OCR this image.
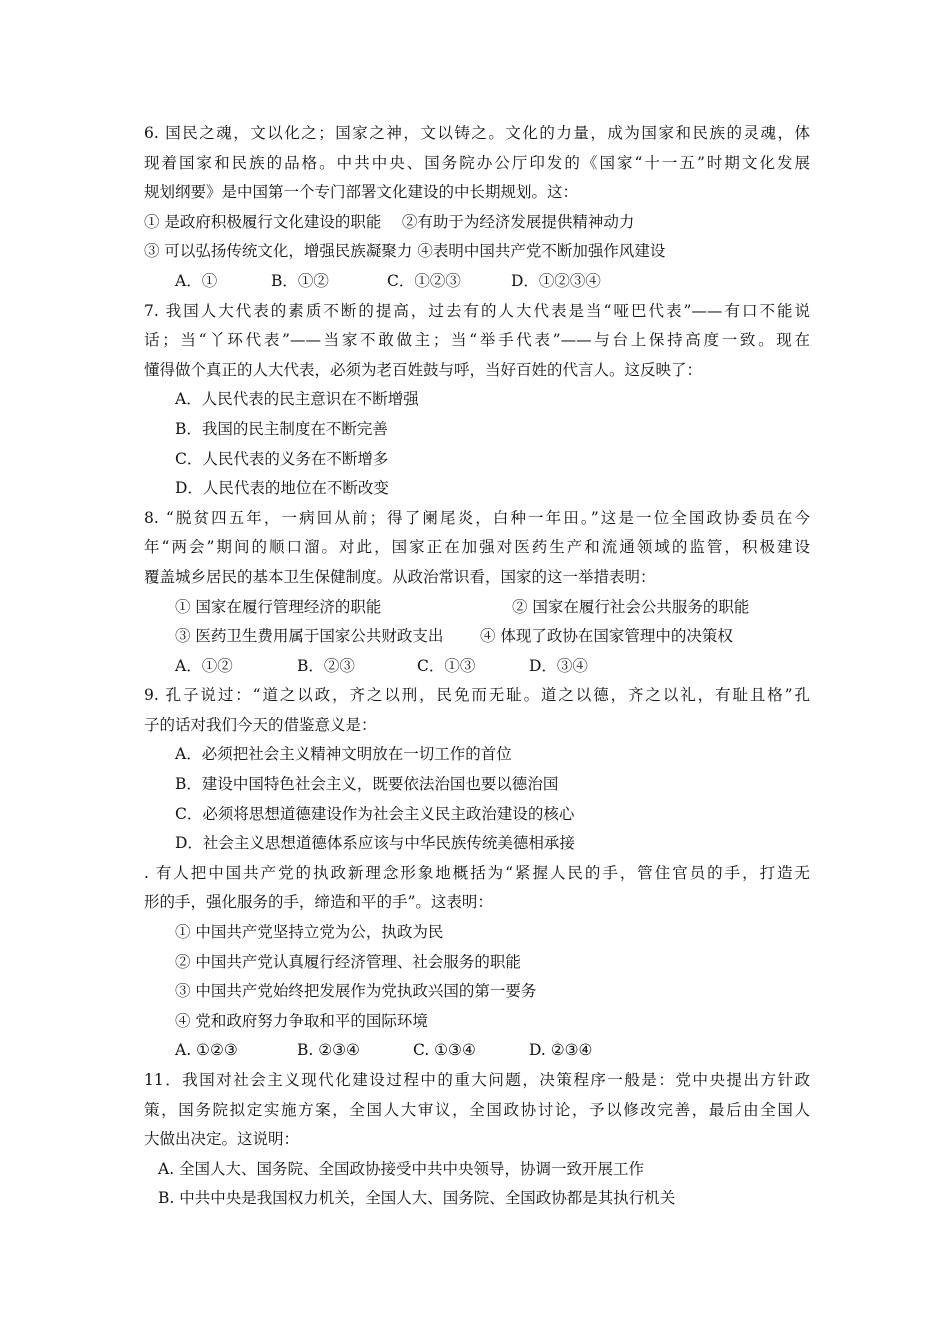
6. 国民之魂，文以化之；国家之神，文以铸之。文化的力量，成为国家和民族的灵魂，体
现着国家和民族的品格。中共中央、国务院办公厅印发的《国家“十一五”时期文化发展
规划纲要》是中国第一个专门部署文化建设的中长期规划。这：
① 是政府积极履行文化建设的职能　 ②有助于为经济发展提供精神动力
③ 可以弘扬传统文化，增强民族凝聚力 ④表明中国共产党不断加强作风建设
A．①	B．①②	C．①②③	D．①②③④
7. 我国人大代表的素质不断的提高，过去有的人大代表是当“哑巴代表”——有口不能说
话；当“丫环代表”——当家不敢做主；当“举手代表”——与台上保持高度一致。现在
懂得做个真正的人大代表，必须为老百姓鼓与呼，当好百姓的代言人。这反映了：
A．人民代表的民主意识在不断增强
B．我国的民主制度在不断完善
C．人民代表的义务在不断增多
D．人民代表的地位在不断改变
8. “脱贫四五年，一病回从前；得了阑尾炎，白种一年田。”这是一位全国政协委员在今
年“两会”期间的顺口溜。对此，国家正在加强对医药生产和流通领域的监管，积极建设
覆盖城乡居民的基本卫生保健制度。从政治常识看，国家的这一举措表明：
① 国家在履行管理经济的职能	② 国家在履行社会公共服务的职能
③ 医药卫生费用属于国家公共财政支出	④ 体现了政协在国家管理中的决策权
A．①②	B．②③	C．①③	D．③④
9. 孔子说过：“道之以政，齐之以刑，民免而无耻。道之以德，齐之以礼，有耻且格”孔
子的话对我们今天的借鉴意义是：
A．必须把社会主义精神文明放在一切工作的首位
B．建设中国特色社会主义，既要依法治国也要以德治国
C．必须将思想道德建设作为社会主义民主政治建设的核心
D．社会主义思想道德体系应该与中华民族传统美德相承接
. 有人把中国共产党的执政新理念形象地概括为“紧握人民的手，管住官员的手，打造无
形的手，强化服务的手，缔造和平的手”。这表明：
① 中国共产党坚持立党为公，执政为民
② 中国共产党认真履行经济管理、社会服务的职能
③ 中国共产党始终把发展作为党执政兴国的第一要务
④ 党和政府努力争取和平的国际环境
A. ①②③	B. ②③④	C. ①③④	D. ②③④
11．我国对社会主义现代化建设过程中的重大问题，决策程序一般是：党中央提出方针政
策，国务院拟定实施方案，全国人大审议，全国政协讨论，予以修改完善，最后由全国人
大做出决定。这说明：
A. 全国人大、国务院、全国政协接受中共中央领导，协调一致开展工作
B. 中共中央是我国权力机关，全国人大、国务院、全国政协都是其执行机关
